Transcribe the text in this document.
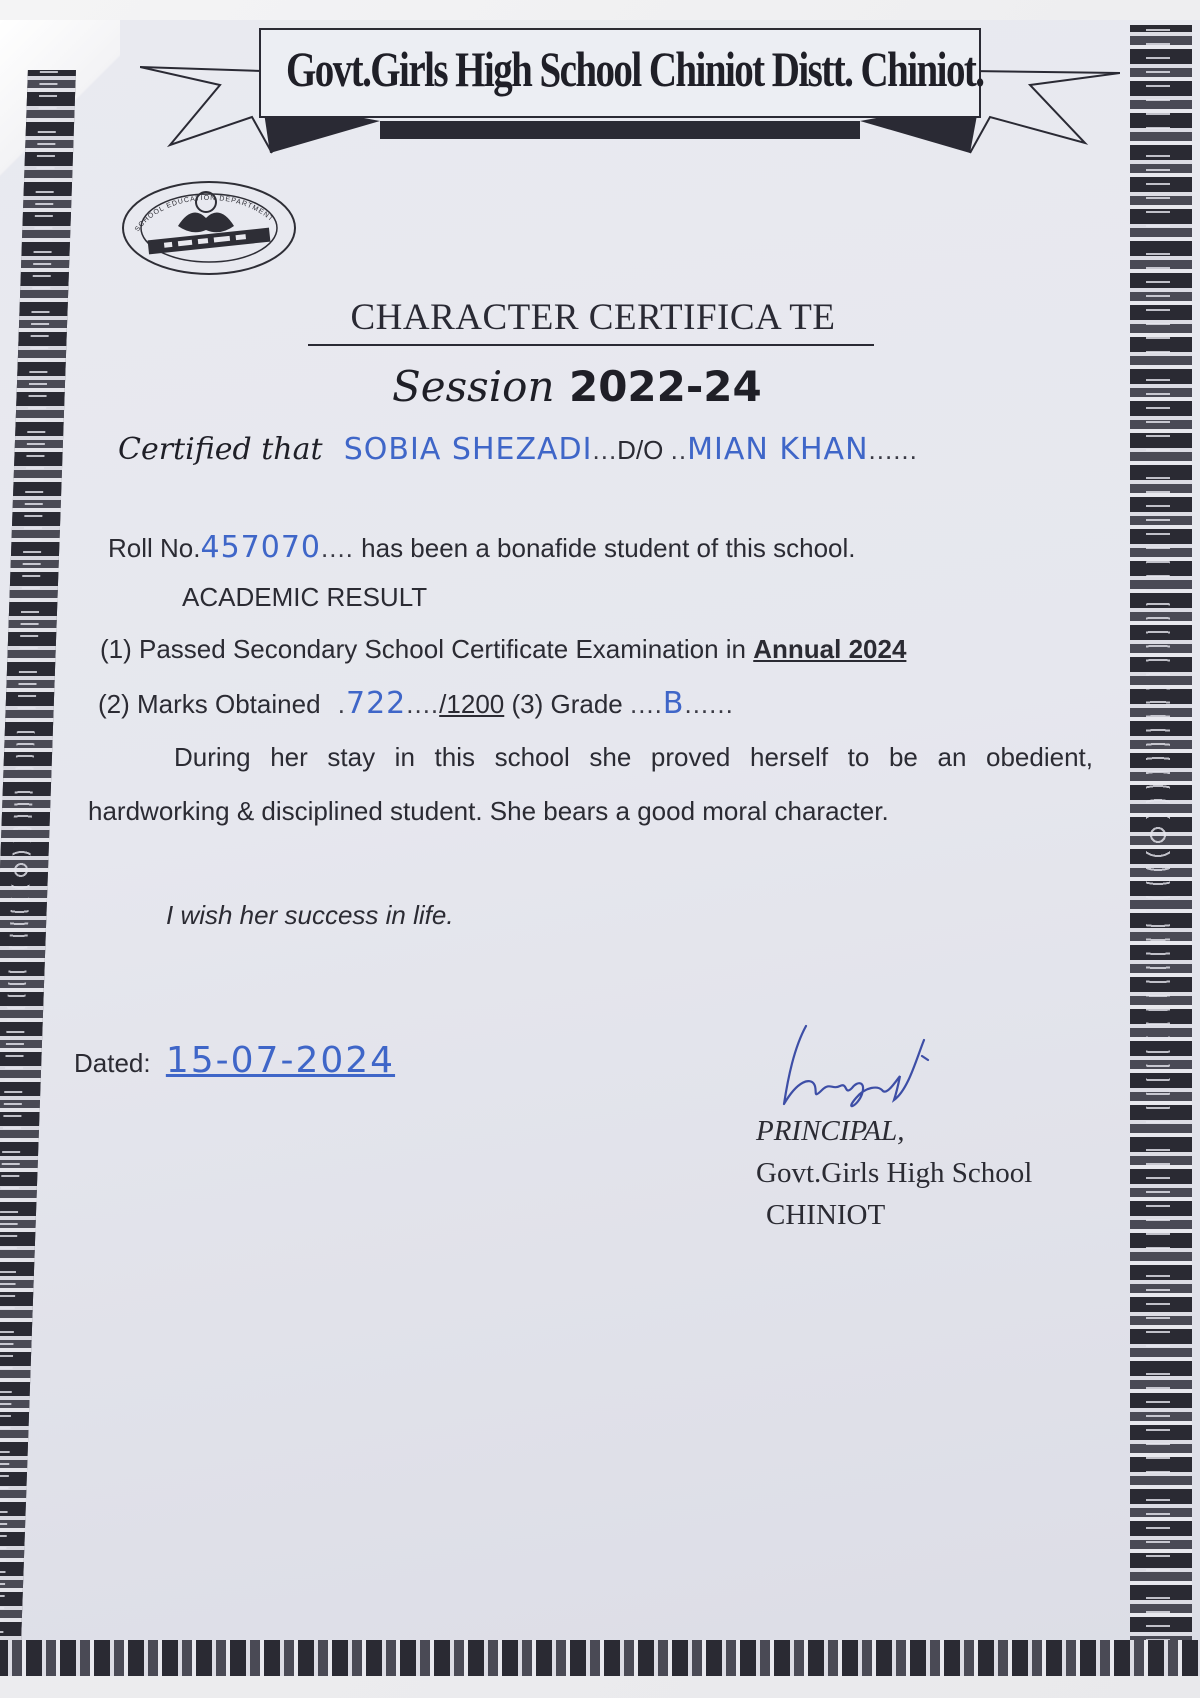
Govt.Girls High School Chiniot Distt. Chiniot.
SCHOOL EDUCATION DEPARTMENT
CHARACTER CERTIFICA TE
Session 2022-24
Certified that SOBIA SHEZADI...D/O ..MIAN KHAN......
Roll No.457070.... has been a bonafide student of this school.
ACADEMIC RESULT
(1) Passed Secondary School Certificate Examination in Annual 2024
(2) Marks Obtained .722..../1200 (3) Grade ....B......
During her stay in this school she proved herself to be an obedient, hardworking & disciplined student. She bears a good moral character.
I wish her success in life.
Dated: 15-07-2024
PRINCIPAL,
Govt.Girls High School
CHINIOT
